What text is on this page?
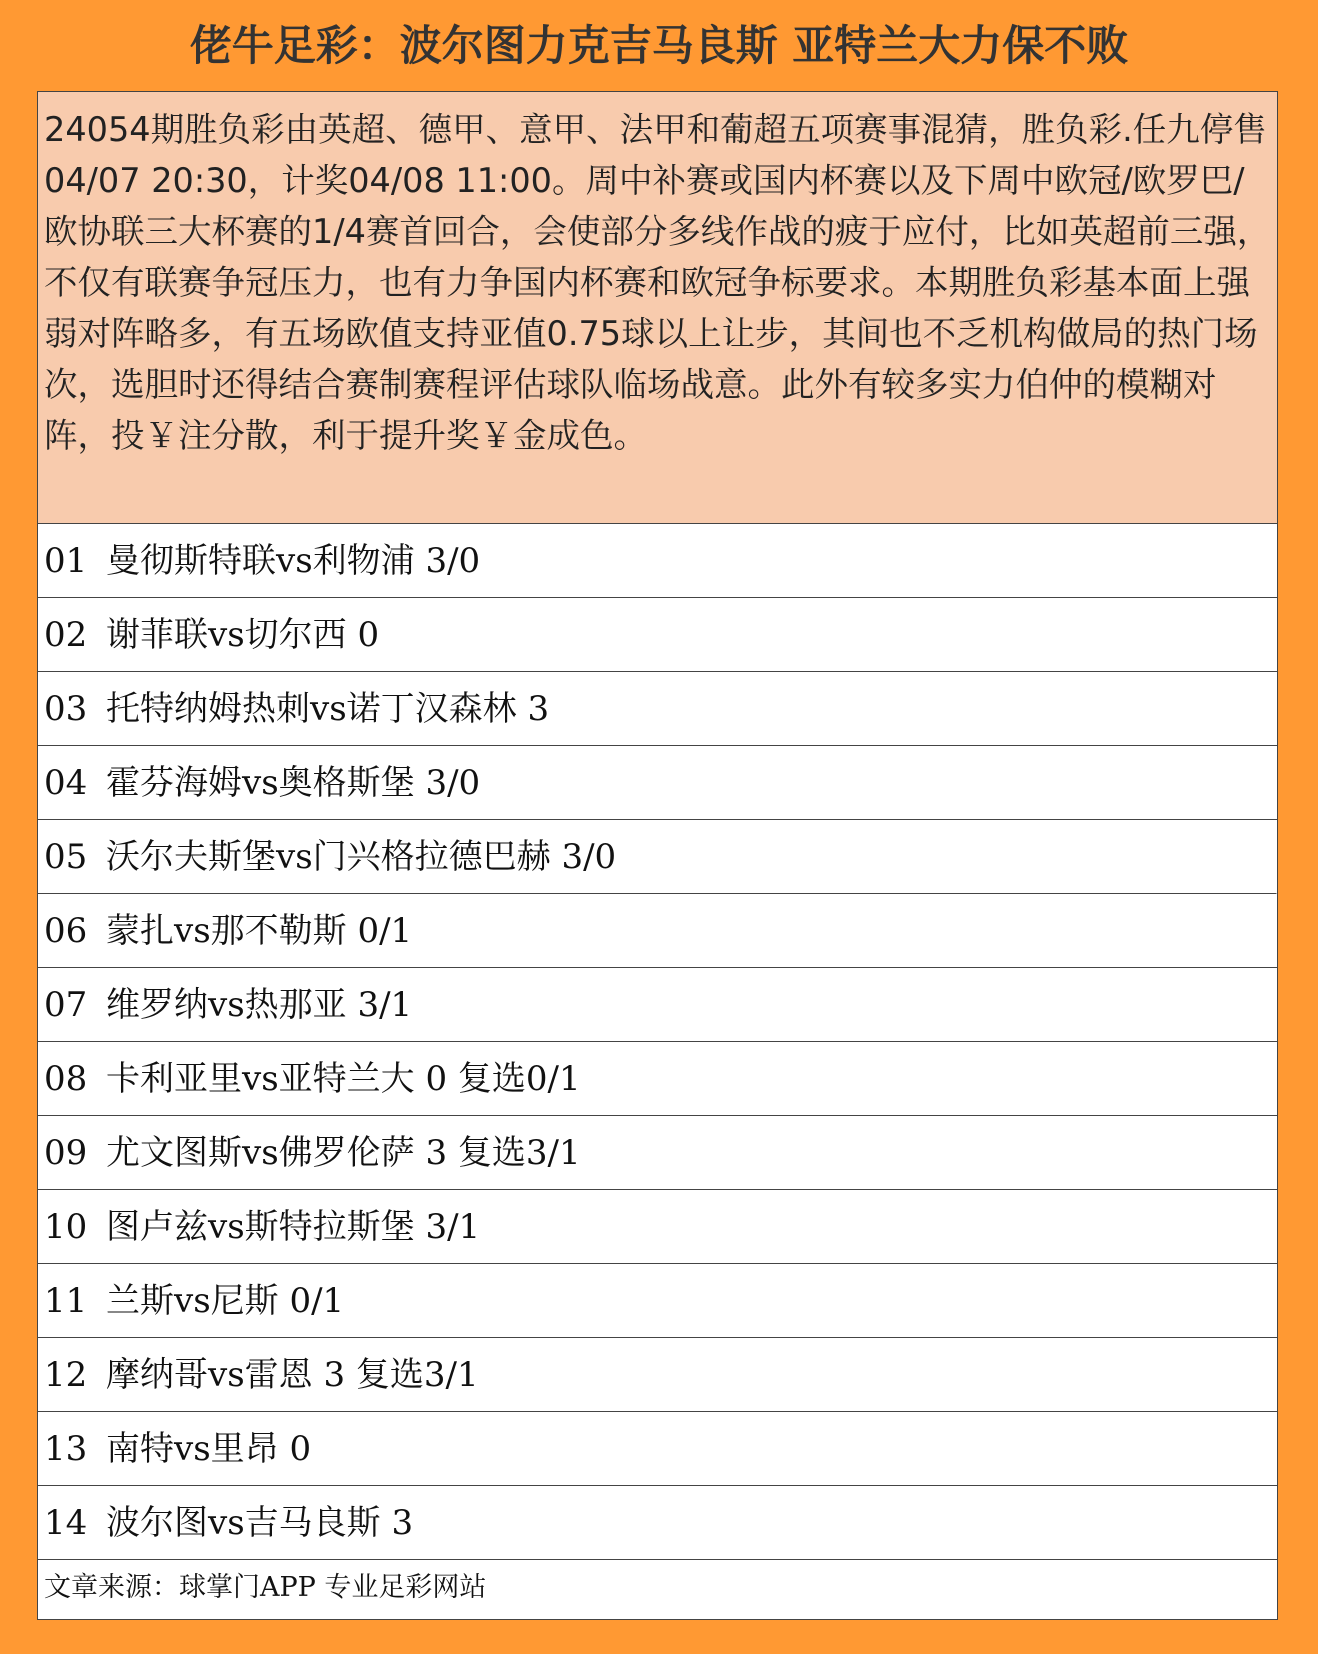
佬牛足彩：波尔图力克吉马良斯 亚特兰大力保不败
24054期胜负彩由英超、德甲、意甲、法甲和葡超五项赛事混猜，胜负彩.任九停售04/07 20:30，计奖04/08 11:00。周中补赛或国内杯赛以及下周中欧冠/欧罗巴/欧协联三大杯赛的1/4赛首回合，会使部分多线作战的疲于应付，比如英超前三强，不仅有联赛争冠压力，也有力争国内杯赛和欧冠争标要求。本期胜负彩基本面上强弱对阵略多，有五场欧值支持亚值0.75球以上让步，其间也不乏机构做局的热门场次，选胆时还得结合赛制赛程评估球队临场战意。此外有较多实力伯仲的模糊对阵，投￥注分散，利于提升奖￥金成色。
01 曼彻斯特联vs利物浦 3/0
02 谢菲联vs切尔西 0
03 托特纳姆热刺vs诺丁汉森林 3
04 霍芬海姆vs奥格斯堡 3/0
05 沃尔夫斯堡vs门兴格拉德巴赫 3/0
06 蒙扎vs那不勒斯 0/1
07 维罗纳vs热那亚 3/1
08 卡利亚里vs亚特兰大 0 复选0/1
09 尤文图斯vs佛罗伦萨 3 复选3/1
10 图卢兹vs斯特拉斯堡 3/1
11 兰斯vs尼斯 0/1
12 摩纳哥vs雷恩 3 复选3/1
13 南特vs里昂 0
14 波尔图vs吉马良斯 3
文章来源：球掌门APP 专业足彩网站
